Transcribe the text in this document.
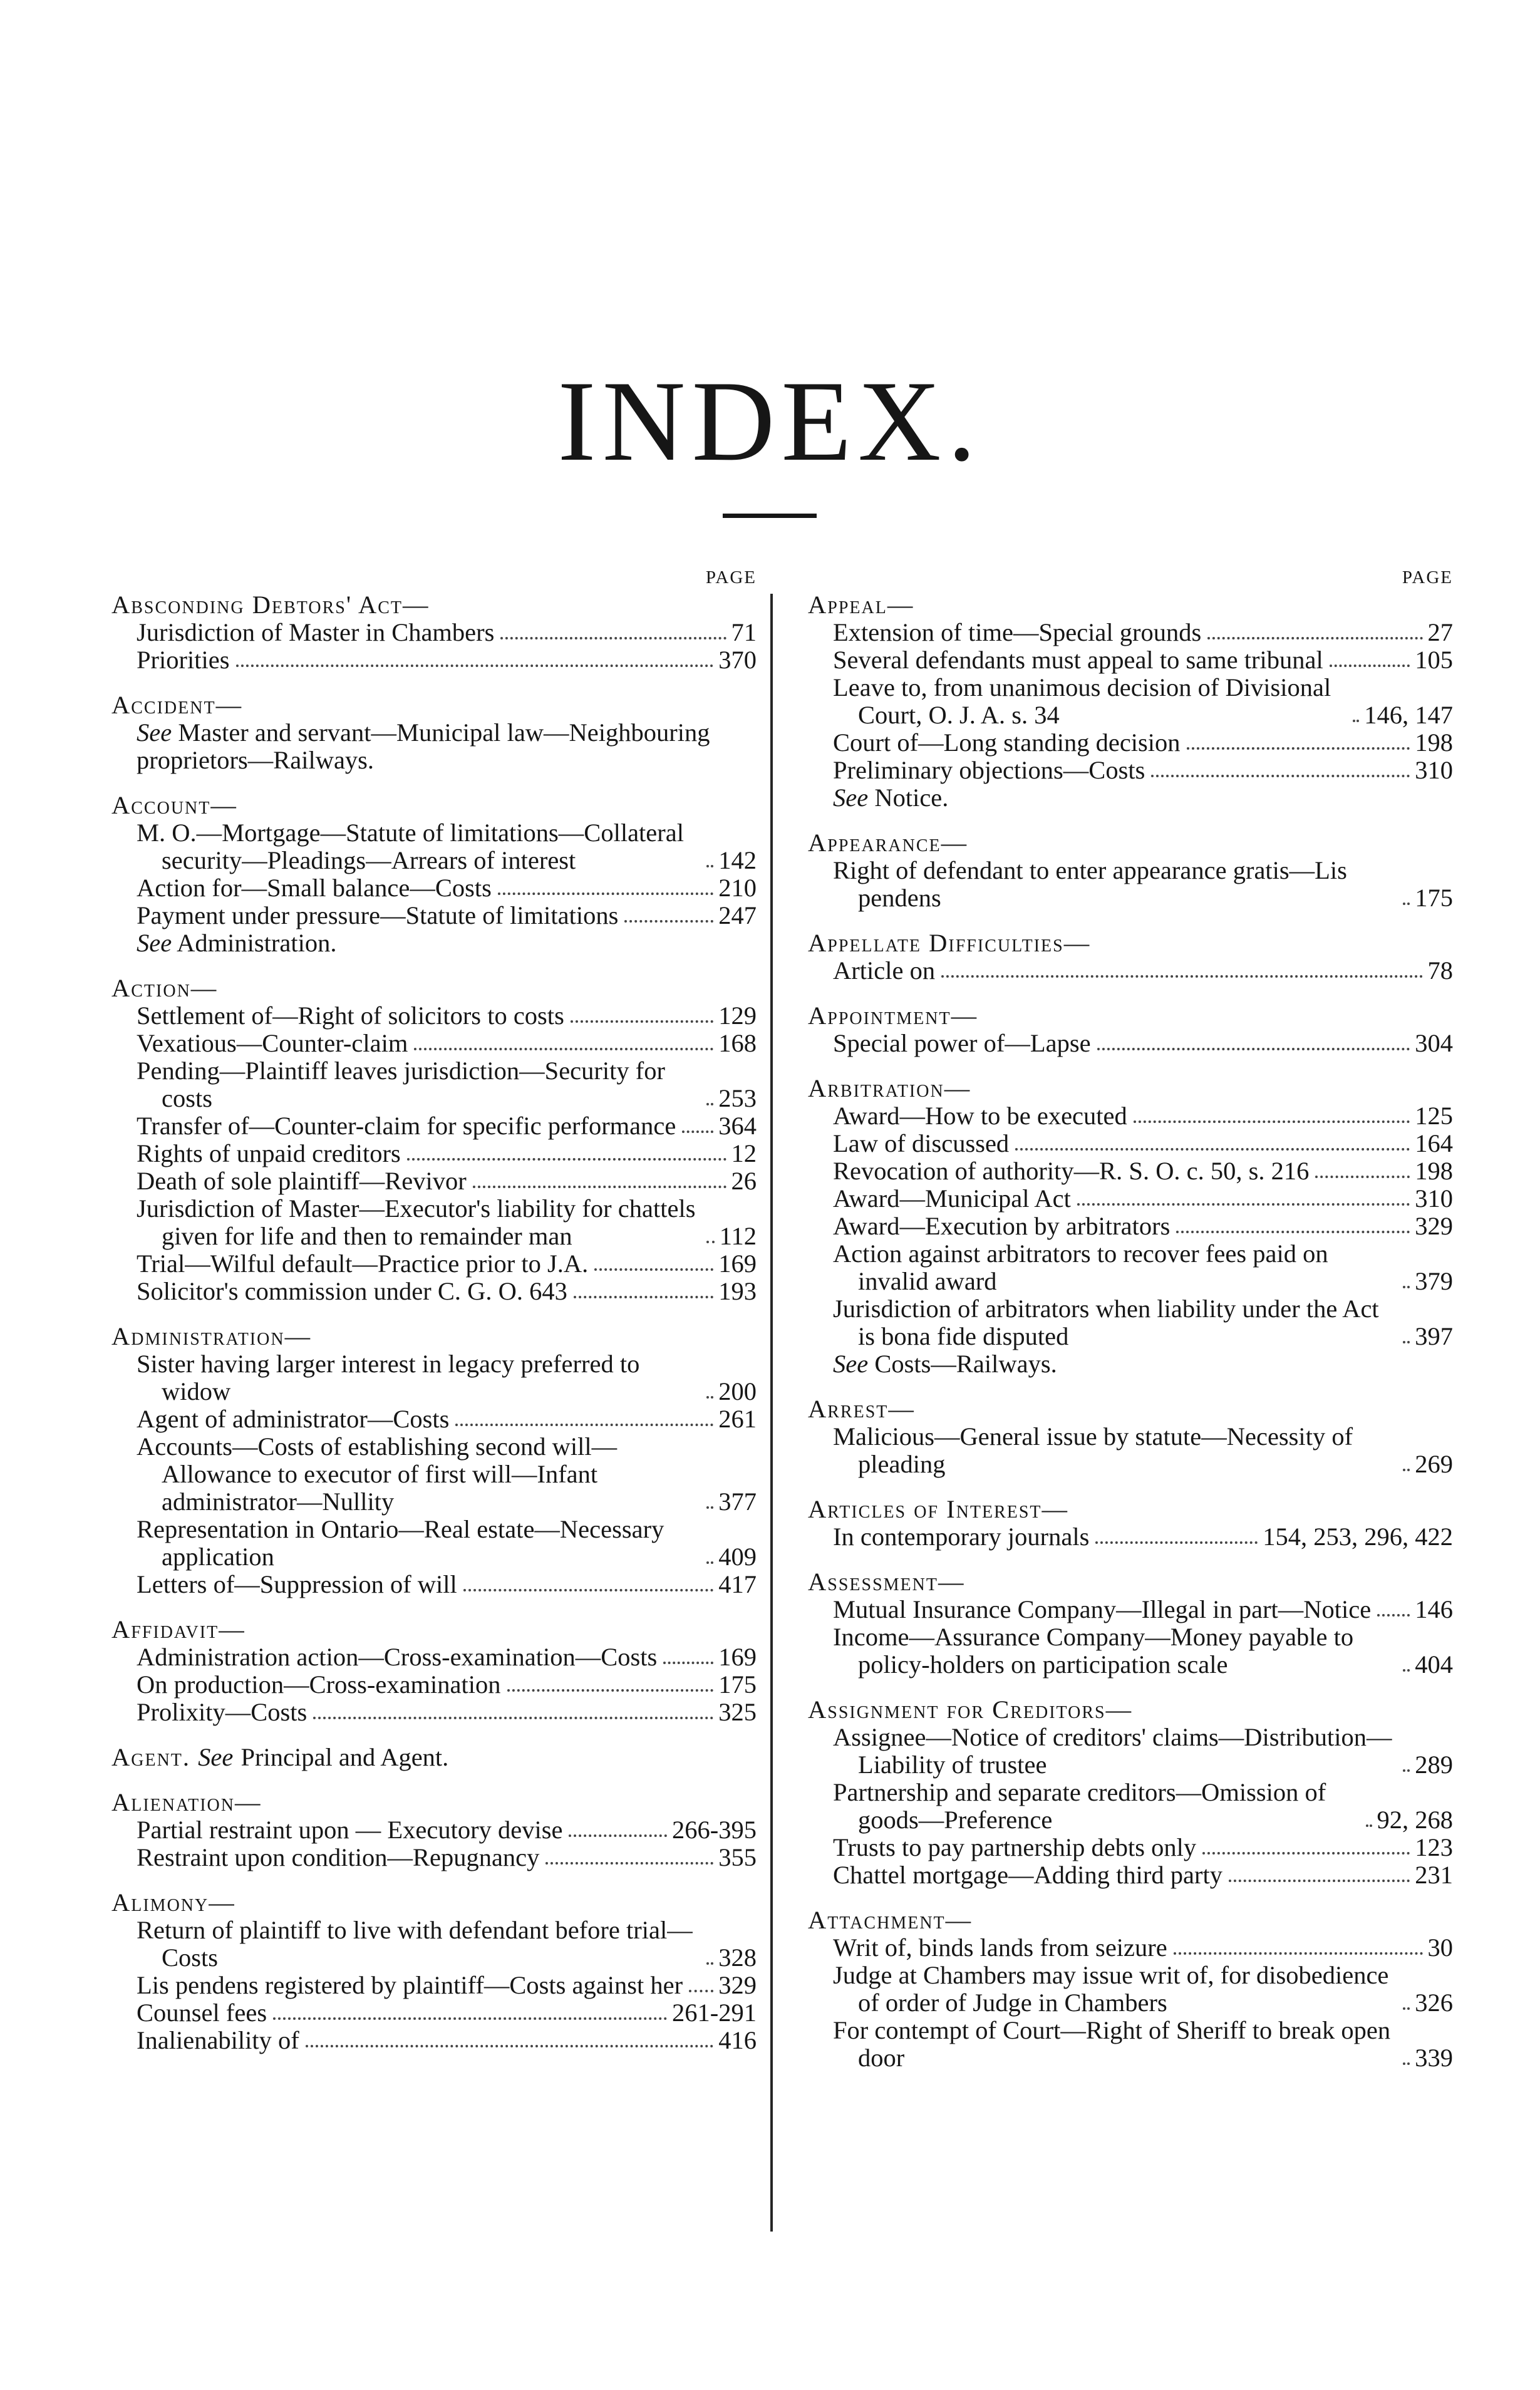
INDEX.
PAGE
Absconding Debtors' Act—
Jurisdiction of Master in Chambers	71
Priorities	370
Accident—
See Master and servant—Municipal law—Neighbouring proprietors—Railways.
Account—
M. O.—Mortgage—Statute of limitations—Collateral security—Pleadings—Arrears of interest	142
Action for—Small balance—Costs	210
Payment under pressure—Statute of limitations	247
See Administration.
Action—
Settlement of—Right of solicitors to costs	129
Vexatious—Counter-claim	168
Pending—Plaintiff leaves jurisdiction—Security for costs	253
Transfer of—Counter-claim for specific performance 364
Rights of unpaid creditors	12
Death of sole plaintiff—Revivor	26
Jurisdiction of Master—Executor's liability for chattels given for life and then to remainder man	112
Trial—Wilful default—Practice prior to J.A.	169
Solicitor's commission under C. G. O. 643	193
Administration—
Sister having larger interest in legacy preferred to widow	200
Agent of administrator—Costs	261
Accounts—Costs of establishing second will—Allowance to executor of first will—Infant administrator—Nullity	377
Representation in Ontario—Real estate—Necessary application	409
Letters of—Suppression of will	417
Affidavit—
Administration action—Cross-examination—Costs 169
On production—Cross-examination	175
Prolixity—Costs	325
Agent. See Principal and Agent.
Alienation—
Partial restraint upon — Executory devise	266-395
Restraint upon condition—Repugnancy	355
Alimony—
Return of plaintiff to live with defendant before trial—Costs	328
Lis pendens registered by plaintiff—Costs against her 329
Counsel fees	261-291
Inalienability of	416
PAGE
Appeal—
Extension of time—Special grounds	27
Several defendants must appeal to same tribunal	105
Leave to, from unanimous decision of Divisional Court, O. J. A. s. 34	146, 147
Court of—Long standing decision	198
Preliminary objections—Costs	310
See Notice.
Appearance—
Right of defendant to enter appearance gratis—Lis pendens	175
Appellate Difficulties—
Article on	78
Appointment—
Special power of—Lapse	304
Arbitration—
Award—How to be executed	125
Law of discussed	164
Revocation of authority—R. S. O. c. 50, s. 216	198
Award—Municipal Act	310
Award—Execution by arbitrators	329
Action against arbitrators to recover fees paid on invalid award	379
Jurisdiction of arbitrators when liability under the Act is bona fide disputed	397
See Costs—Railways.
Arrest—
Malicious—General issue by statute—Necessity of pleading	269
Articles of Interest—
In contemporary journals	154, 253, 296, 422
Assessment—
Mutual Insurance Company—Illegal in part—Notice 146
Income—Assurance Company—Money payable to policy-holders on participation scale	404
Assignment for Creditors—
Assignee—Notice of creditors' claims—Distribution—Liability of trustee	289
Partnership and separate creditors—Omission of goods—Preference	92, 268
Trusts to pay partnership debts only	123
Chattel mortgage—Adding third party	231
Attachment—
Writ of, binds lands from seizure	30
Judge at Chambers may issue writ of, for disobedience of order of Judge in Chambers	326
For contempt of Court—Right of Sheriff to break open door	339
